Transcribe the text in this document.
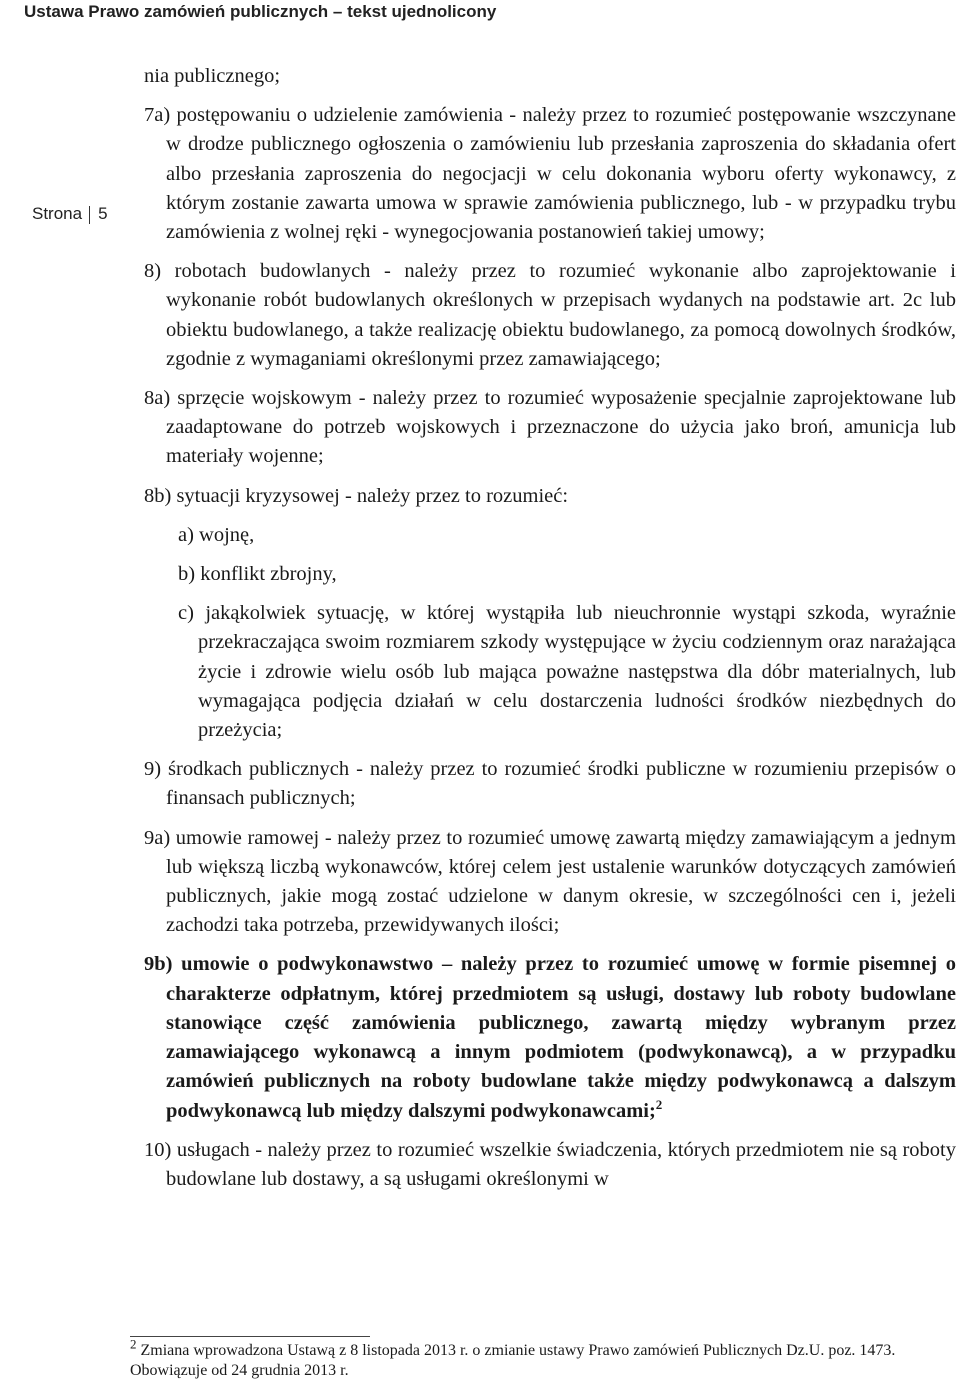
Ustawa Prawo zamówień publicznych – tekst ujednolicony
Strona 5
nia publicznego;
7a) postępowaniu o udzielenie zamówienia - należy przez to rozumieć postępowanie wszczynane w drodze publicznego ogłoszenia o zamówieniu lub przesłania zaproszenia do składania ofert albo przesłania zaproszenia do negocjacji w celu dokonania wyboru oferty wykonawcy, z którym zostanie zawarta umowa w sprawie zamówienia publicznego, lub - w przypadku trybu zamówienia z wolnej ręki - wynegocjowania postanowień takiej umowy;
8) robotach budowlanych - należy przez to rozumieć wykonanie albo zaprojektowanie i wykonanie robót budowlanych określonych w przepisach wydanych na podstawie art. 2c lub obiektu budowlanego, a także realizację obiektu budowlanego, za pomocą dowolnych środków, zgodnie z wymaganiami określonymi przez zamawiającego;
8a) sprzęcie wojskowym - należy przez to rozumieć wyposażenie specjalnie zaprojektowane lub zaadaptowane do potrzeb wojskowych i przeznaczone do użycia jako broń, amunicja lub materiały wojenne;
8b) sytuacji kryzysowej - należy przez to rozumieć:
a) wojnę,
b) konflikt zbrojny,
c) jakąkolwiek sytuację, w której wystąpiła lub nieuchronnie wystąpi szkoda, wyraźnie przekraczająca swoim rozmiarem szkody występujące w życiu codziennym oraz narażająca życie i zdrowie wielu osób lub mająca poważne następstwa dla dóbr materialnych, lub wymagająca podjęcia działań w celu dostarczenia ludności środków niezbędnych do przeżycia;
9) środkach publicznych - należy przez to rozumieć środki publiczne w rozumieniu przepisów o finansach publicznych;
9a) umowie ramowej - należy przez to rozumieć umowę zawartą między zamawiającym a jednym lub większą liczbą wykonawców, której celem jest ustalenie warunków dotyczących zamówień publicznych, jakie mogą zostać udzielone w danym okresie, w szczególności cen i, jeżeli zachodzi taka potrzeba, przewidywanych ilości;
9b) umowie o podwykonawstwo – należy przez to rozumieć umowę w formie pisemnej o charakterze odpłatnym, której przedmiotem są usługi, dostawy lub roboty budowlane stanowiące część zamówienia publicznego, zawartą między wybranym przez zamawiającego wykonawcą a innym podmiotem (podwykonawcą), a w przypadku zamówień publicznych na roboty budowlane także między podwykonawcą a dalszym podwykonawcą lub między dalszymi podwykonawcami;$^2$
10) usługach - należy przez to rozumieć wszelkie świadczenia, których przedmiotem nie są roboty budowlane lub dostawy, a są usługami określonymi w
$^2$ Zmiana wprowadzona Ustawą z 8 listopada 2013 r. o zmianie ustawy Prawo zamówień Publicznych Dz.U. poz. 1473. Obowiązuje od 24 grudnia 2013 r.
